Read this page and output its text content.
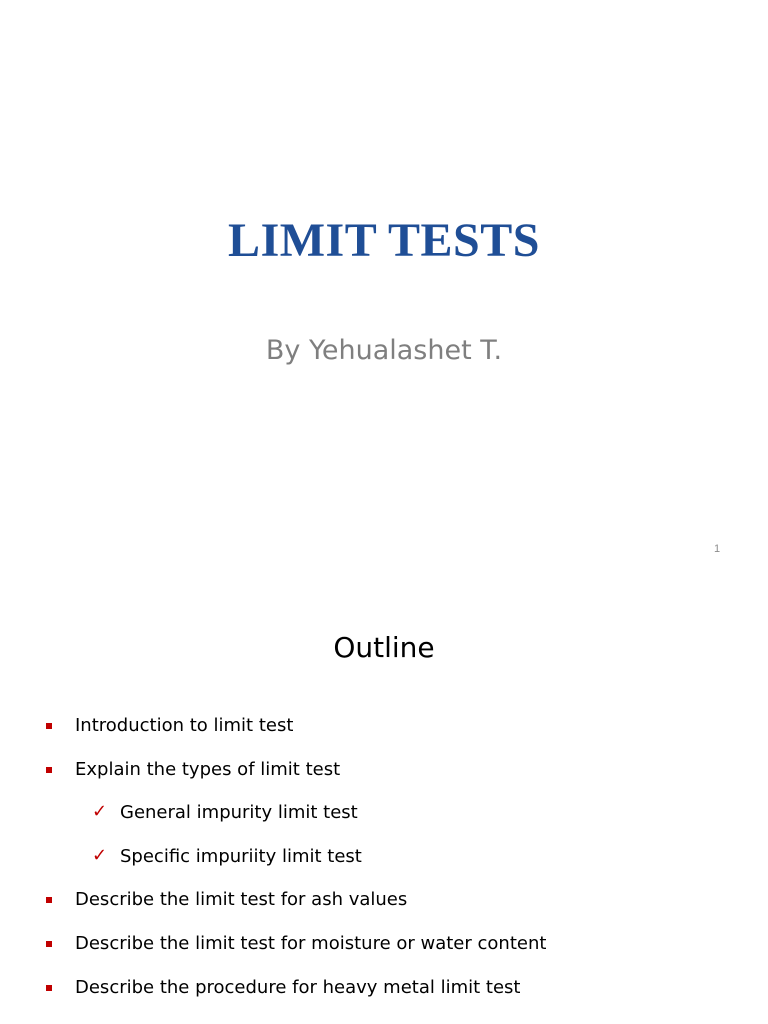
LIMIT TESTS
By Yehualashet T.
1
Outline
Introduction to limit test
Explain the types of limit test
✓ General impurity limit test
✓ Specific impuriity limit test
Describe the limit test for ash values
Describe the limit test for moisture or water content
Describe the procedure for heavy metal limit test
